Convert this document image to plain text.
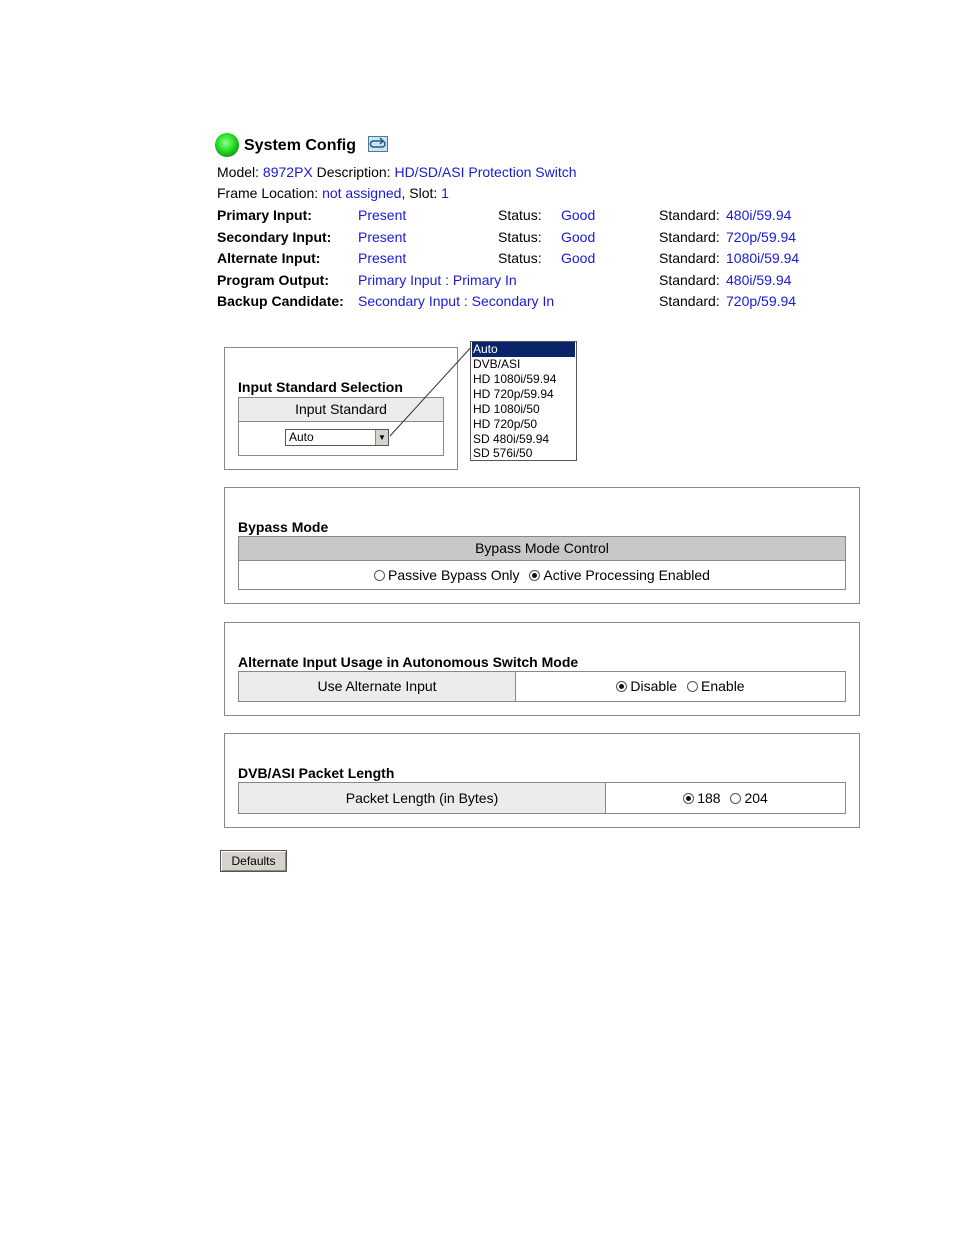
System Config
Model: 8972PX Description: HD/SD/ASI Protection Switch
Frame Location: not assigned, Slot: 1
Primary Input:	Present	Status: Good	Standard: 480i/59.94
Secondary Input: Present	Status: Good	Standard: 720p/59.94
Alternate Input:	Present	Status: Good	Standard: 1080i/59.94
Program Output: Primary Input : Primary In	Standard: 480i/59.94
Backup Candidate: Secondary Input : Secondary In	Standard: 720p/59.94
Input Standard Selection
Input Standard
Auto	▼
Auto
DVB/ASI
HD 1080i/59.94
HD 720p/59.94
HD 1080i/50
HD 720p/50
SD 480i/59.94
SD 576i/50
Bypass Mode
Bypass Mode Control
Passive Bypass Only Active Processing Enabled
Alternate Input Usage in Autonomous Switch Mode
Use Alternate Input	Disable Enable
DVB/ASI Packet Length
Packet Length (in Bytes)	188 204
Defaults
